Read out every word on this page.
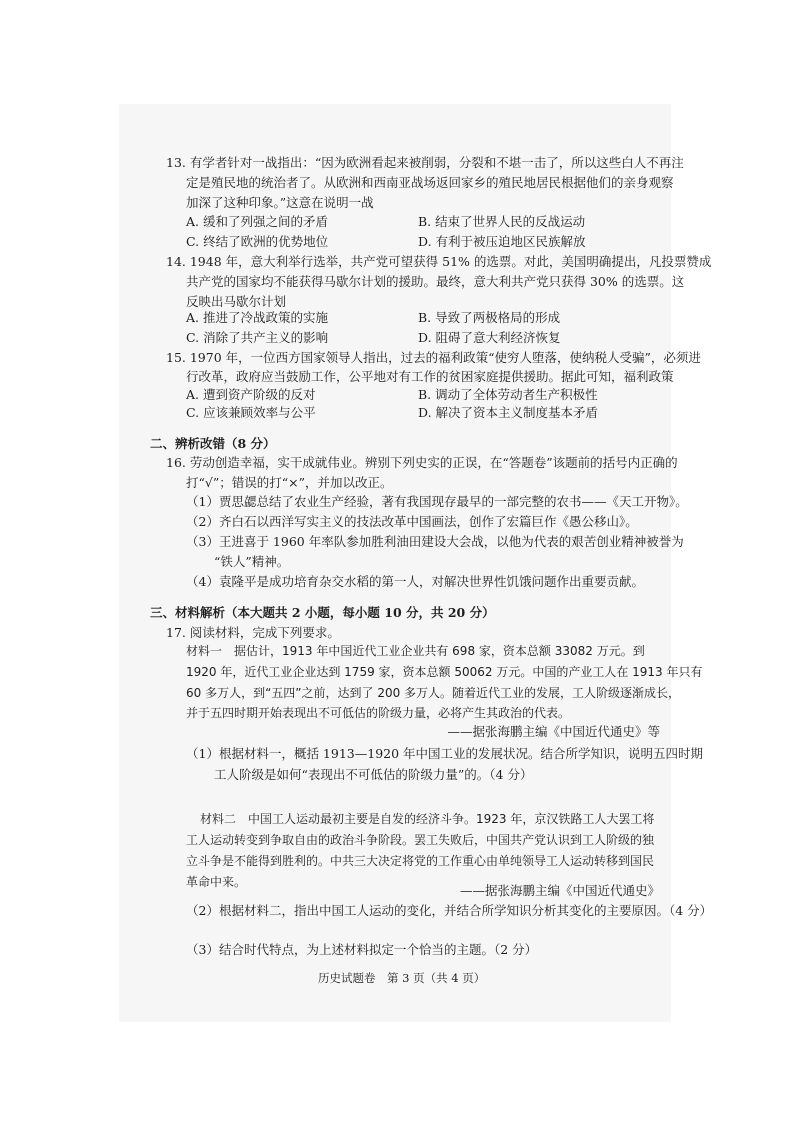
13. 有学者针对一战指出：“因为欧洲看起来被削弱，分裂和不堪一击了，所以这些白人不再注
定是殖民地的统治者了。从欧洲和西南亚战场返回家乡的殖民地居民根据他们的亲身观察
加深了这种印象。”这意在说明一战
A. 缓和了列强之间的矛盾	B. 结束了世界人民的反战运动
C. 终结了欧洲的优势地位	D. 有利于被压迫地区民族解放
14. 1948 年，意大利举行选举，共产党可望获得 51% 的选票。对此，美国明确提出，凡投票赞成
共产党的国家均不能获得马歇尔计划的援助。最终，意大利共产党只获得 30% 的选票。这
反映出马歇尔计划
A. 推进了冷战政策的实施	B. 导致了两极格局的形成
C. 消除了共产主义的影响	D. 阻碍了意大利经济恢复
15. 1970 年，一位西方国家领导人指出，过去的福利政策“使穷人堕落，使纳税人受骗”，必须进
行改革，政府应当鼓励工作，公平地对有工作的贫困家庭提供援助。据此可知，福利政策
A. 遭到资产阶级的反对	B. 调动了全体劳动者生产积极性
C. 应该兼顾效率与公平	D. 解决了资本主义制度基本矛盾
二、辨析改错（8 分）
16. 劳动创造幸福，实干成就伟业。辨别下列史实的正误，在“答题卷”该题前的括号内正确的
打“√”；错误的打“×”，并加以改正。
（1）贾思勰总结了农业生产经验，著有我国现存最早的一部完整的农书——《天工开物》。
（2）齐白石以西洋写实主义的技法改革中国画法，创作了宏篇巨作《愚公移山》。
（3）王进喜于 1960 年率队参加胜利油田建设大会战，以他为代表的艰苦创业精神被誉为
“铁人”精神。
（4）袁隆平是成功培育杂交水稻的第一人，对解决世界性饥饿问题作出重要贡献。
三、材料解析（本大题共 2 小题，每小题 10 分，共 20 分）
17. 阅读材料，完成下列要求。
材料一　据估计，1913 年中国近代工业企业共有 698 家，资本总额 33082 万元。到
1920 年，近代工业企业达到 1759 家，资本总额 50062 万元。中国的产业工人在 1913 年只有
60 多万人，到“五四”之前，达到了 200 多万人。随着近代工业的发展，工人阶级逐渐成长，
并于五四时期开始表现出不可低估的阶级力量，必将产生其政治的代表。
——据张海鹏主编《中国近代通史》等
（1）根据材料一，概括 1913—1920 年中国工业的发展状况。结合所学知识，说明五四时期
工人阶级是如何“表现出不可低估的阶级力量”的。（4 分）
材料二　中国工人运动最初主要是自发的经济斗争。1923 年，京汉铁路工人大罢工将
工人运动转变到争取自由的政治斗争阶段。罢工失败后，中国共产党认识到工人阶级的独
立斗争是不能得到胜利的。中共三大决定将党的工作重心由单纯领导工人运动转移到国民
革命中来。
——据张海鹏主编《中国近代通史》
（2）根据材料二，指出中国工人运动的变化，并结合所学知识分析其变化的主要原因。（4 分）
（3）结合时代特点，为上述材料拟定一个恰当的主题。（2 分）
历史试题卷　第 3 页（共 4 页）
